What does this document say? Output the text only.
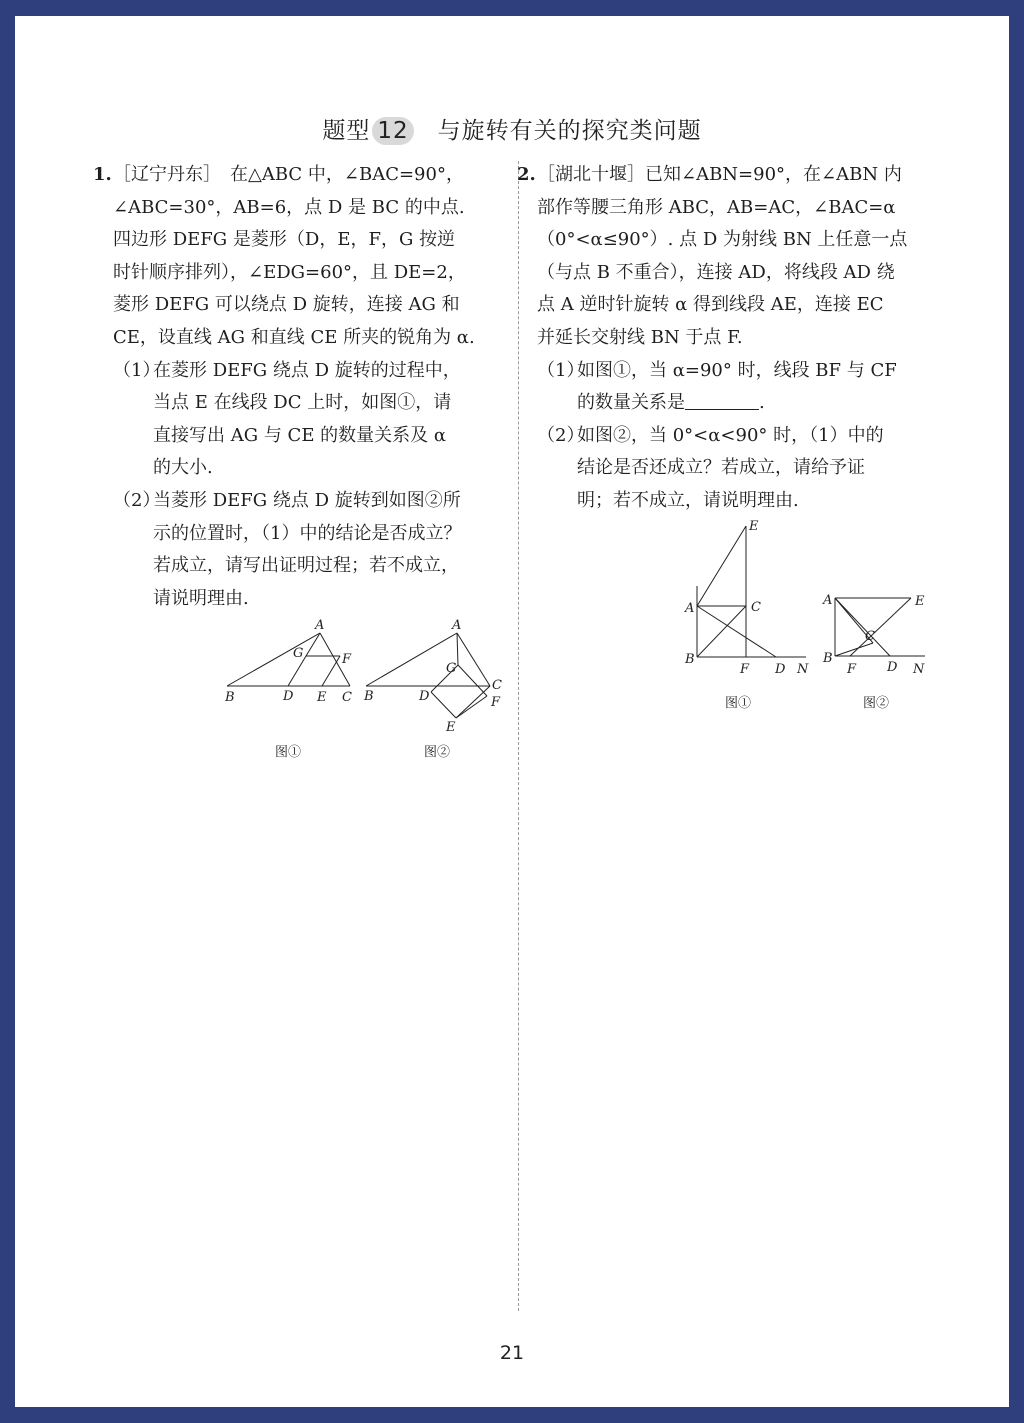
题型 12 与旋转有关的探究类问题

1.［辽宁丹东］　在△ABC 中，∠BAC=90°，

∠ABC=30°，AB=6，点 D 是 BC 的中点.

四边形 DEFG 是菱形（D，E，F，G 按逆

时针顺序排列），∠EDG=60°，且 DE=2，

菱形 DEFG 可以绕点 D 旋转，连接 AG 和

CE，设直线 AG 和直线 CE 所夹的锐角为 α.

（1）在菱形 DEFG 绕点 D 旋转的过程中，

当点 E 在线段 DC 上时，如图①，请

直接写出 AG 与 CE 的数量关系及 α

的大小.

（2）当菱形 DEFG 绕点 D 旋转到如图②所

示的位置时，（1）中的结论是否成立？

若成立，请写出证明过程；若不成立，

请说明理由.

A
B	C
D E
F
G
图①
A
B
C
D
E
F
G
图②

2.［湖北十堰］已知∠ABN=90°，在∠ABN 内

部作等腰三角形 ABC，AB=AC，∠BAC=α

（0°<α≤90°）. 点 D 为射线 BN 上任意一点

（与点 B 不重合），连接 AD，将线段 AD 绕

点 A 逆时针旋转 α 得到线段 AE，连接 EC

并延长交射线 BN 于点 F.

（1）如图①，当 α=90° 时，线段 BF 与 CF

的数量关系是	.

（2）如图②，当 0°<α<90° 时，（1）中的

结论是否还成立？若成立，请给予证

明；若不成立，请说明理由.

A
B
C
D
E
F	N
图①
A
B
C
D
E
F	N
图②
21
